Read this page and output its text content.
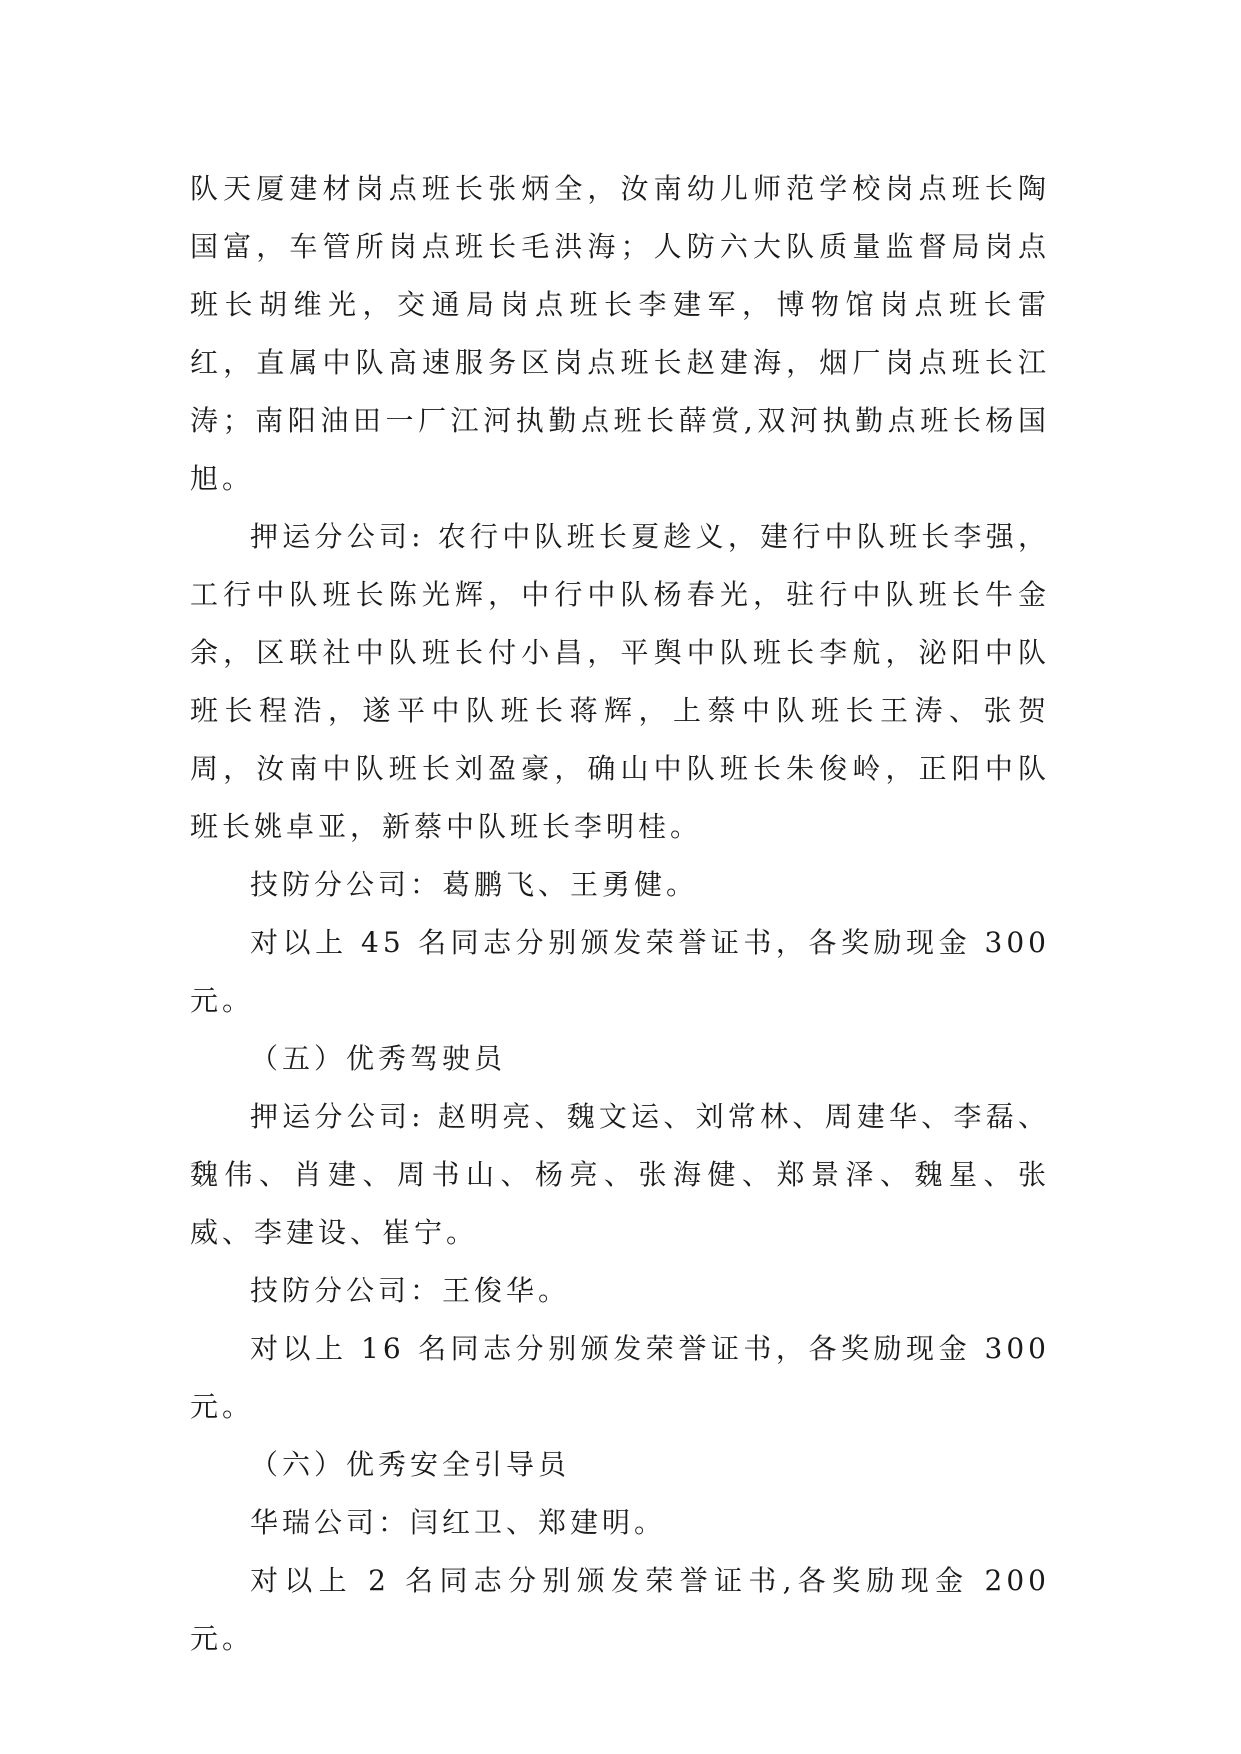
队天厦建材岗点班长张炳全，汝南幼儿师范学校岗点班长陶国富，车管所岗点班长毛洪海；人防六大队质量监督局岗点班长胡维光，交通局岗点班长李建军，博物馆岗点班长雷红，直属中队高速服务区岗点班长赵建海，烟厂岗点班长江涛；南阳油田一厂江河执勤点班长薛赏,双河执勤点班长杨国旭。

押运分公司: 农行中队班长夏趁义，建行中队班长李强，工行中队班长陈光辉，中行中队杨春光，驻行中队班长牛金余，区联社中队班长付小昌，平舆中队班长李航，泌阳中队班长程浩，遂平中队班长蒋辉，上蔡中队班长王涛、张贺周，汝南中队班长刘盈豪，确山中队班长朱俊岭，正阳中队班长姚卓亚，新蔡中队班长李明桂。

技防分公司：葛鹏飞、王勇健。

对以上 45 名同志分别颁发荣誉证书，各奖励现金 300 元。

（五）优秀驾驶员

押运分公司: 赵明亮、魏文运、刘常林、周建华、李磊、魏伟、肖建、周书山、杨亮、张海健、郑景泽、魏星、张威、李建设、崔宁。

技防分公司：王俊华。

对以上 16 名同志分别颁发荣誉证书，各奖励现金 300 元。

（六）优秀安全引导员

华瑞公司：闫红卫、郑建明。

对以上 2 名同志分别颁发荣誉证书,各奖励现金 200 元。
